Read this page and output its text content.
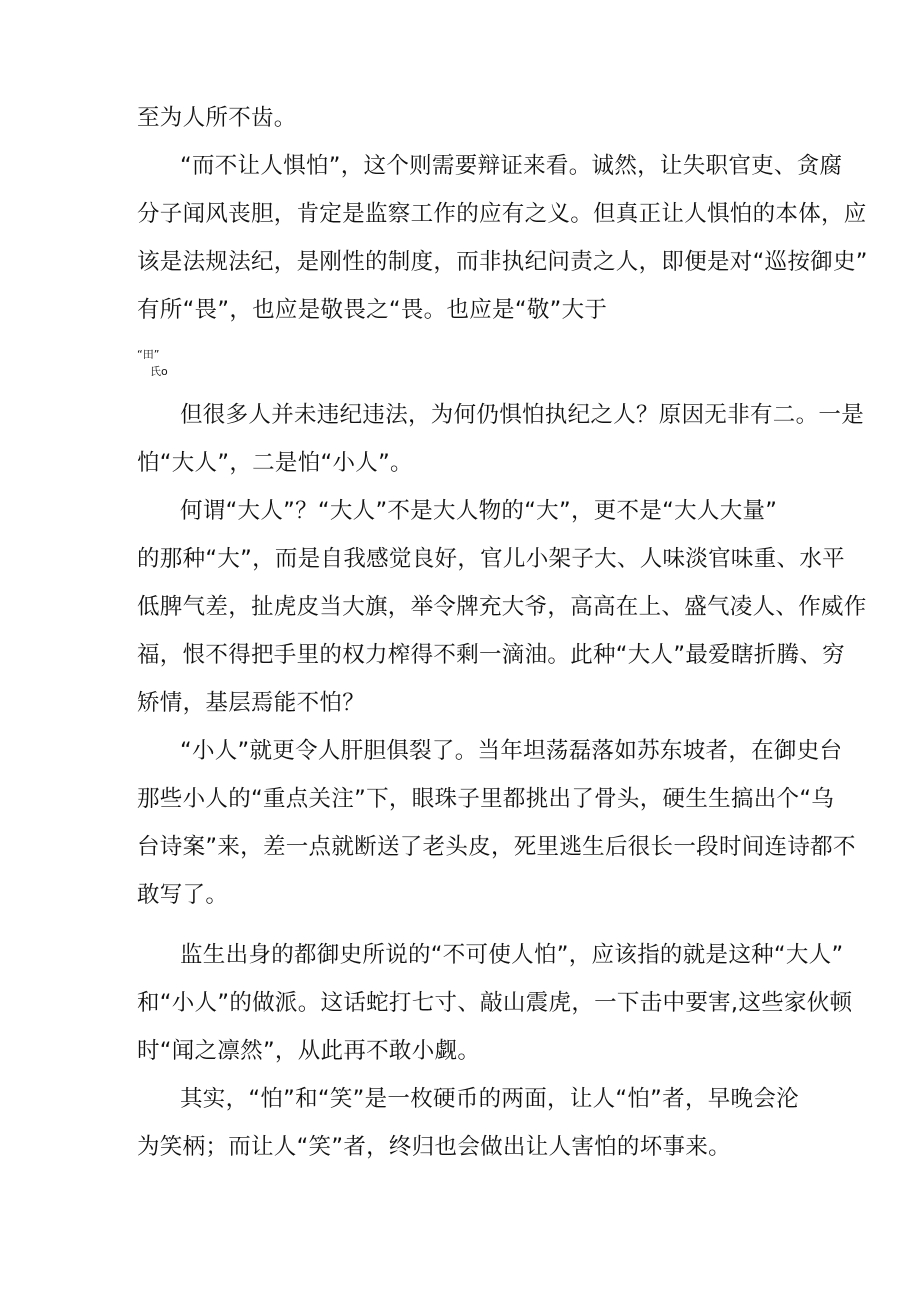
至为人所不齿。
“而不让人惧怕”，这个则需要辩证来看。诚然，让失职官吏、贪腐
分子闻风丧胆，肯定是监察工作的应有之义。但真正让人惧怕的本体，应
该是法规法纪，是刚性的制度，而非执纪问责之人，即便是对“巡按御史”
有所“畏”，也应是敬畏之“畏。也应是“敬”大于
“田”
氏o
但很多人并未违纪违法，为何仍惧怕执纪之人？原因无非有二。一是
怕“大人”，二是怕“小人”。
何谓“大人”？“大人”不是大人物的“大”，更不是“大人大量”
的那种“大”，而是自我感觉良好，官儿小架子大、人味淡官味重、水平
低脾气差，扯虎皮当大旗，举令牌充大爷，高高在上、盛气凌人、作威作
福，恨不得把手里的权力榨得不剩一滴油。此种“大人”最爱瞎折腾、穷
矫情，基层焉能不怕？
“小人”就更令人肝胆俱裂了。当年坦荡磊落如苏东坡者，在御史台
那些小人的“重点关注”下，眼珠子里都挑出了骨头，硬生生搞出个“乌
台诗案”来，差一点就断送了老头皮，死里逃生后很长一段时间连诗都不
敢写了。
监生出身的都御史所说的“不可使人怕”，应该指的就是这种“大人”
和“小人”的做派。这话蛇打七寸、敲山震虎，一下击中要害,这些家伙顿
时“闻之凛然”，从此再不敢小觑。
其实，“怕”和“笑”是一枚硬币的两面，让人“怕”者，早晚会沦
为笑柄；而让人“笑”者，终归也会做出让人害怕的坏事来。
